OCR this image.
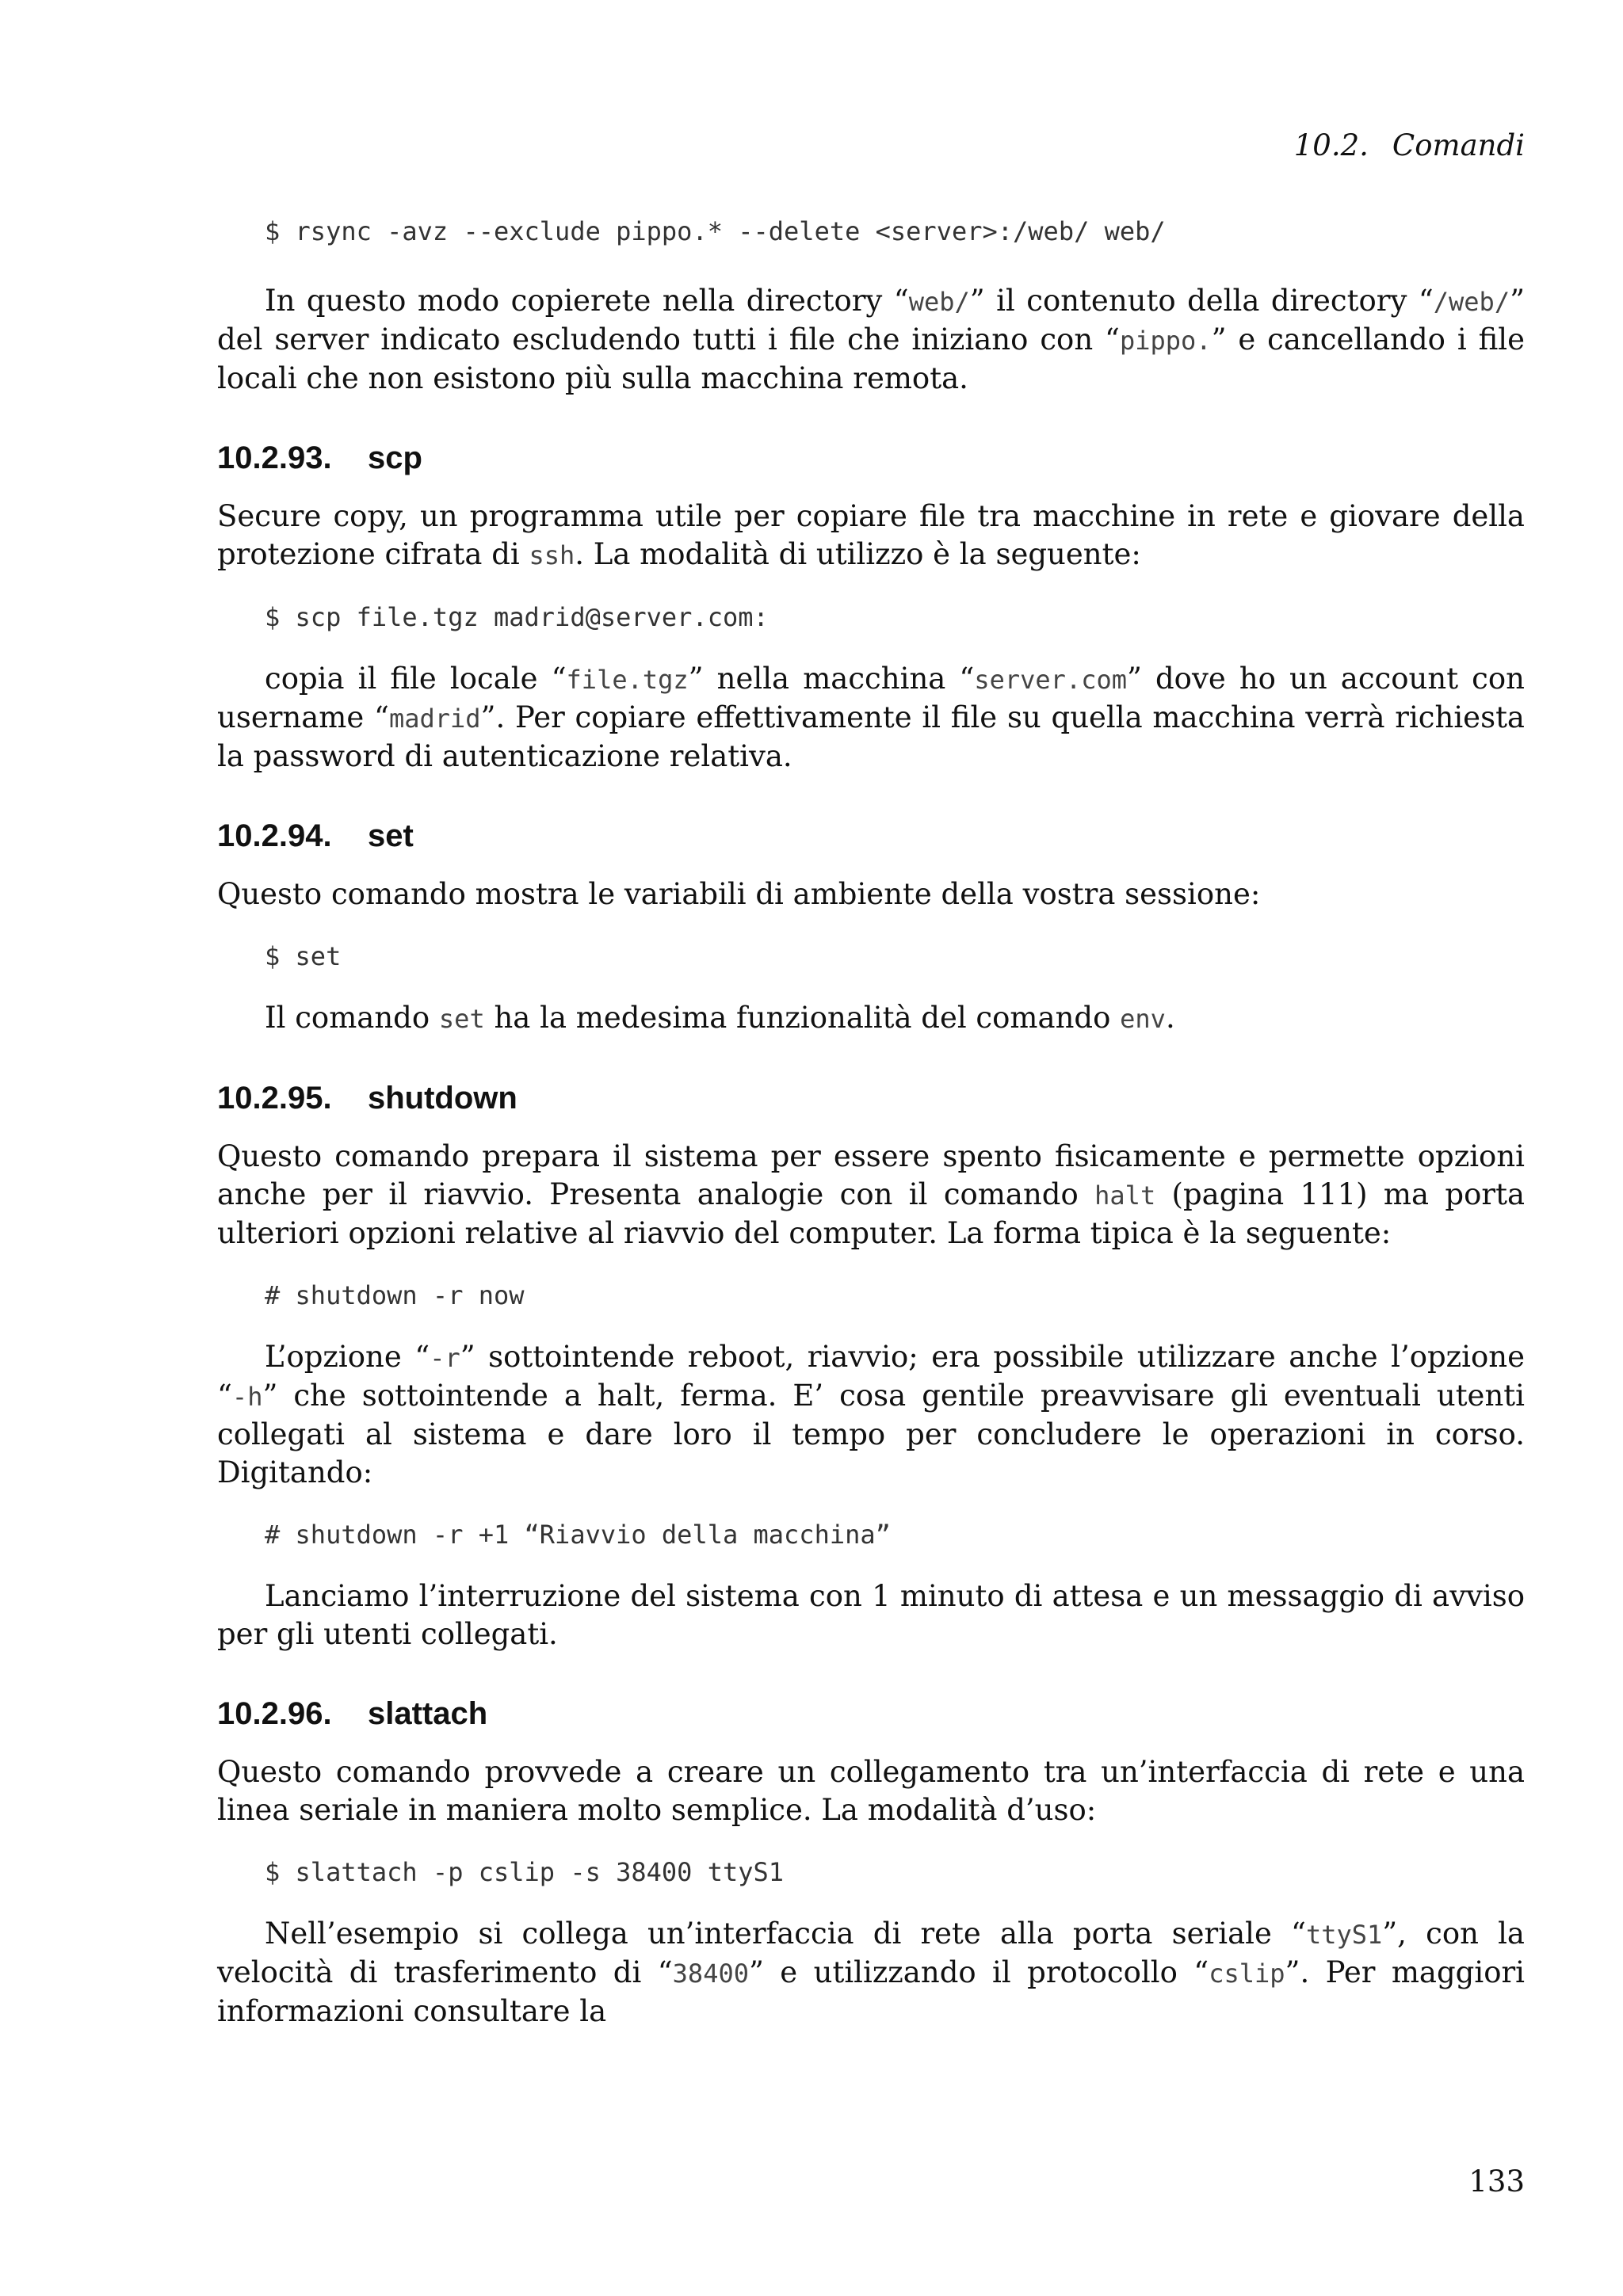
10.2. Comandi
$ rsync -avz --exclude pippo.* --delete <server>:/web/ web/

In questo modo copierete nella directory “web/” il contenuto della directory “/web/” del server indicato escludendo tutti i file che iniziano con “pippo.” e cancellando i file locali che non esistono più sulla macchina remota.

10.2.93. scp

Secure copy, un programma utile per copiare file tra macchine in rete e giovare della protezione cifrata di ssh. La modalità di utilizzo è la seguente:

$ scp file.tgz madrid@server.com:

copia il file locale “file.tgz” nella macchina “server.com” dove ho un account con username “madrid”. Per copiare effettivamente il file su quella macchina verrà richiesta la password di autenticazione relativa.

10.2.94. set

Questo comando mostra le variabili di ambiente della vostra sessione:

$ set

Il comando set ha la medesima funzionalità del comando env.

10.2.95. shutdown

Questo comando prepara il sistema per essere spento fisicamente e permette opzioni anche per il riavvio. Presenta analogie con il comando halt (pagina 111) ma porta ulteriori opzioni relative al riavvio del computer. La forma tipica è la seguente:

# shutdown -r now

L’opzione “-r” sottointende reboot, riavvio; era possibile utilizzare anche l’opzione “-h” che sottointende a halt, ferma. E’ cosa gentile preavvisare gli eventuali utenti collegati al sistema e dare loro il tempo per concludere le operazioni in corso. Digitando:

# shutdown -r +1 “Riavvio della macchina”

Lanciamo l’interruzione del sistema con 1 minuto di attesa e un messaggio di avviso per gli utenti collegati.

10.2.96. slattach

Questo comando provvede a creare un collegamento tra un’interfaccia di rete e una linea seriale in maniera molto semplice. La modalità d’uso:

$ slattach -p cslip -s 38400 ttyS1

Nell’esempio si collega un’interfaccia di rete alla porta seriale “ttyS1”, con la velocità di trasferimento di “38400” e utilizzando il protocollo “cslip”. Per maggiori informazioni consultare la

133
